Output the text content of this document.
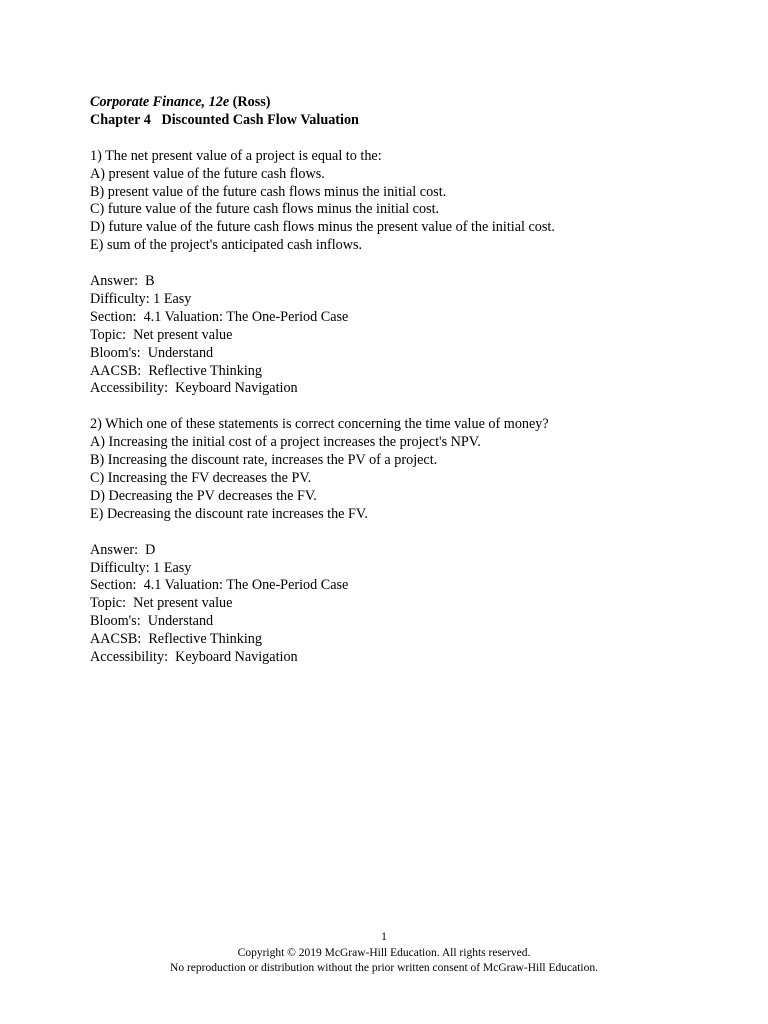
Corporate Finance, 12e (Ross)
Chapter 4   Discounted Cash Flow Valuation
1) The net present value of a project is equal to the:
A) present value of the future cash flows.
B) present value of the future cash flows minus the initial cost.
C) future value of the future cash flows minus the initial cost.
D) future value of the future cash flows minus the present value of the initial cost.
E) sum of the project's anticipated cash inflows.
Answer:  B
Difficulty: 1 Easy
Section:  4.1 Valuation: The One-Period Case
Topic:  Net present value
Bloom's:  Understand
AACSB:  Reflective Thinking
Accessibility:  Keyboard Navigation
2) Which one of these statements is correct concerning the time value of money?
A) Increasing the initial cost of a project increases the project's NPV.
B) Increasing the discount rate, increases the PV of a project.
C) Increasing the FV decreases the PV.
D) Decreasing the PV decreases the FV.
E) Decreasing the discount rate increases the FV.
Answer:  D
Difficulty: 1 Easy
Section:  4.1 Valuation: The One-Period Case
Topic:  Net present value
Bloom's:  Understand
AACSB:  Reflective Thinking
Accessibility:  Keyboard Navigation
1
Copyright © 2019 McGraw-Hill Education. All rights reserved.
No reproduction or distribution without the prior written consent of McGraw-Hill Education.
